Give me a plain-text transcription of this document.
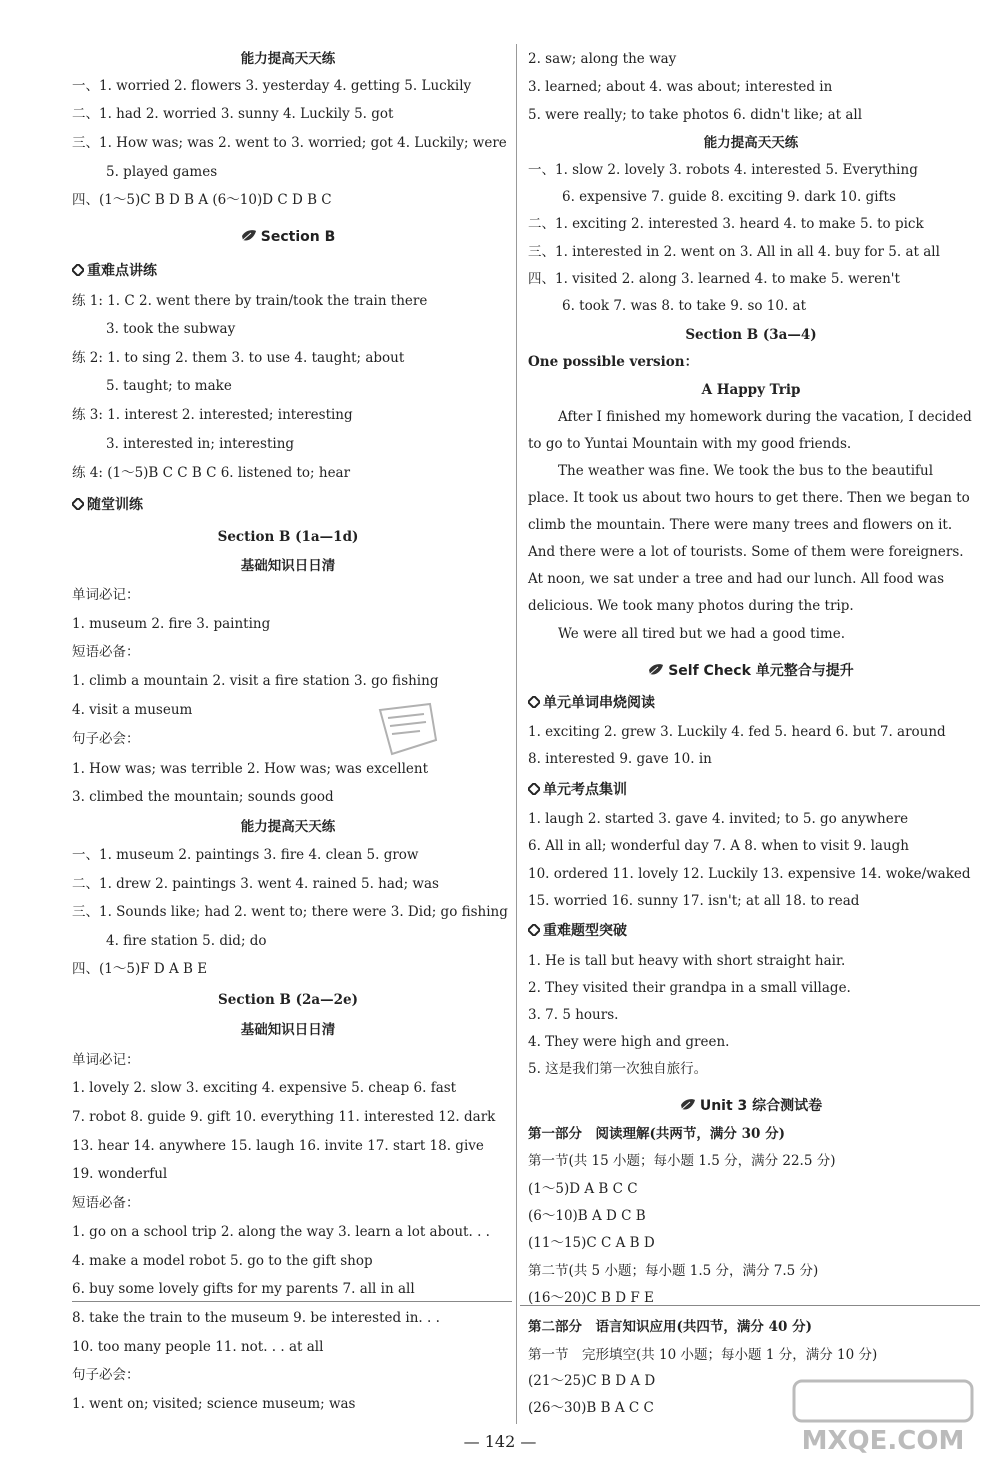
能力提高天天练
一、1. worried 2. flowers 3. yesterday 4. getting 5. Luckily
二、1. had 2. worried 3. sunny 4. Luckily 5. got
三、1. How was; was 2. went to 3. worried; got 4. Luckily; were
5. played games
四、(1～5)C B D B A (6～10)D C D B C
Section B
重难点讲练
练 1: 1. C 2. went there by train/took the train there
3. took the subway
练 2: 1. to sing 2. them 3. to use 4. taught; about
5. taught; to make
练 3: 1. interest 2. interested; interesting
3. interested in; interesting
练 4: (1～5)B C C B C 6. listened to; hear
随堂训练
Section B (1a—1d)
基础知识日日清
单词必记：
1. museum 2. fire 3. painting
短语必备：
1. climb a mountain 2. visit a fire station 3. go fishing
4. visit a museum
句子必会：
1. How was; was terrible 2. How was; was excellent
3. climbed the mountain; sounds good
能力提高天天练
一、1. museum 2. paintings 3. fire 4. clean 5. grow
二、1. drew 2. paintings 3. went 4. rained 5. had; was
三、1. Sounds like; had 2. went to; there were 3. Did; go fishing
4. fire station 5. did; do
四、(1～5)F D A B E
Section B (2a—2e)
基础知识日日清
单词必记：
1. lovely 2. slow 3. exciting 4. expensive 5. cheap 6. fast
7. robot 8. guide 9. gift 10. everything 11. interested 12. dark
13. hear 14. anywhere 15. laugh 16. invite 17. start 18. give
19. wonderful
短语必备：
1. go on a school trip 2. along the way 3. learn a lot about. . .
4. make a model robot 5. go to the gift shop
6. buy some lovely gifts for my parents 7. all in all
8. take the train to the museum 9. be interested in. . .
10. too many people 11. not. . . at all
句子必会：
1. went on; visited; science museum; was
2. saw; along the way
3. learned; about 4. was about; interested in
5. were really; to take photos 6. didn't like; at all
能力提高天天练
一、1. slow 2. lovely 3. robots 4. interested 5. Everything
6. expensive 7. guide 8. exciting 9. dark 10. gifts
二、1. exciting 2. interested 3. heard 4. to make 5. to pick
三、1. interested in 2. went on 3. All in all 4. buy for 5. at all
四、1. visited 2. along 3. learned 4. to make 5. weren't
6. took 7. was 8. to take 9. so 10. at
Section B (3a—4)
One possible version：
A Happy Trip
After I finished my homework during the vacation, I decided to go to Yuntai Mountain with my good friends.
The weather was fine. We took the bus to the beautiful place. It took us about two hours to get there. Then we began to climb the mountain. There were many trees and flowers on it. And there were a lot of tourists. Some of them were foreigners. At noon, we sat under a tree and had our lunch. All food was delicious. We took many photos during the trip.
We were all tired but we had a good time.
Self Check 单元整合与提升
单元单词串烧阅读
1. exciting 2. grew 3. Luckily 4. fed 5. heard 6. but 7. around
8. interested 9. gave 10. in
单元考点集训
1. laugh 2. started 3. gave 4. invited; to 5. go anywhere
6. All in all; wonderful day 7. A 8. when to visit 9. laugh
10. ordered 11. lovely 12. Luckily 13. expensive 14. woke/waked
15. worried 16. sunny 17. isn't; at all 18. to read
重难题型突破
1. He is tall but heavy with short straight hair.
2. They visited their grandpa in a small village.
3. 7. 5 hours.
4. They were high and green.
5. 这是我们第一次独自旅行。
Unit 3 综合测试卷
第一部分　阅读理解(共两节，满分 30 分)
第一节(共 15 小题；每小题 1.5 分，满分 22.5 分)
(1～5)D A B C C
(6～10)B A D C B
(11～15)C C A B D
第二节(共 5 小题；每小题 1.5 分，满分 7.5 分)
(16～20)C B D F E
第二部分　语言知识应用(共四节，满分 40 分)
第一节　完形填空(共 10 小题；每小题 1 分，满分 10 分)
(21～25)C B D A D
(26～30)B B A C C
— 142 —	MXQE.COM
